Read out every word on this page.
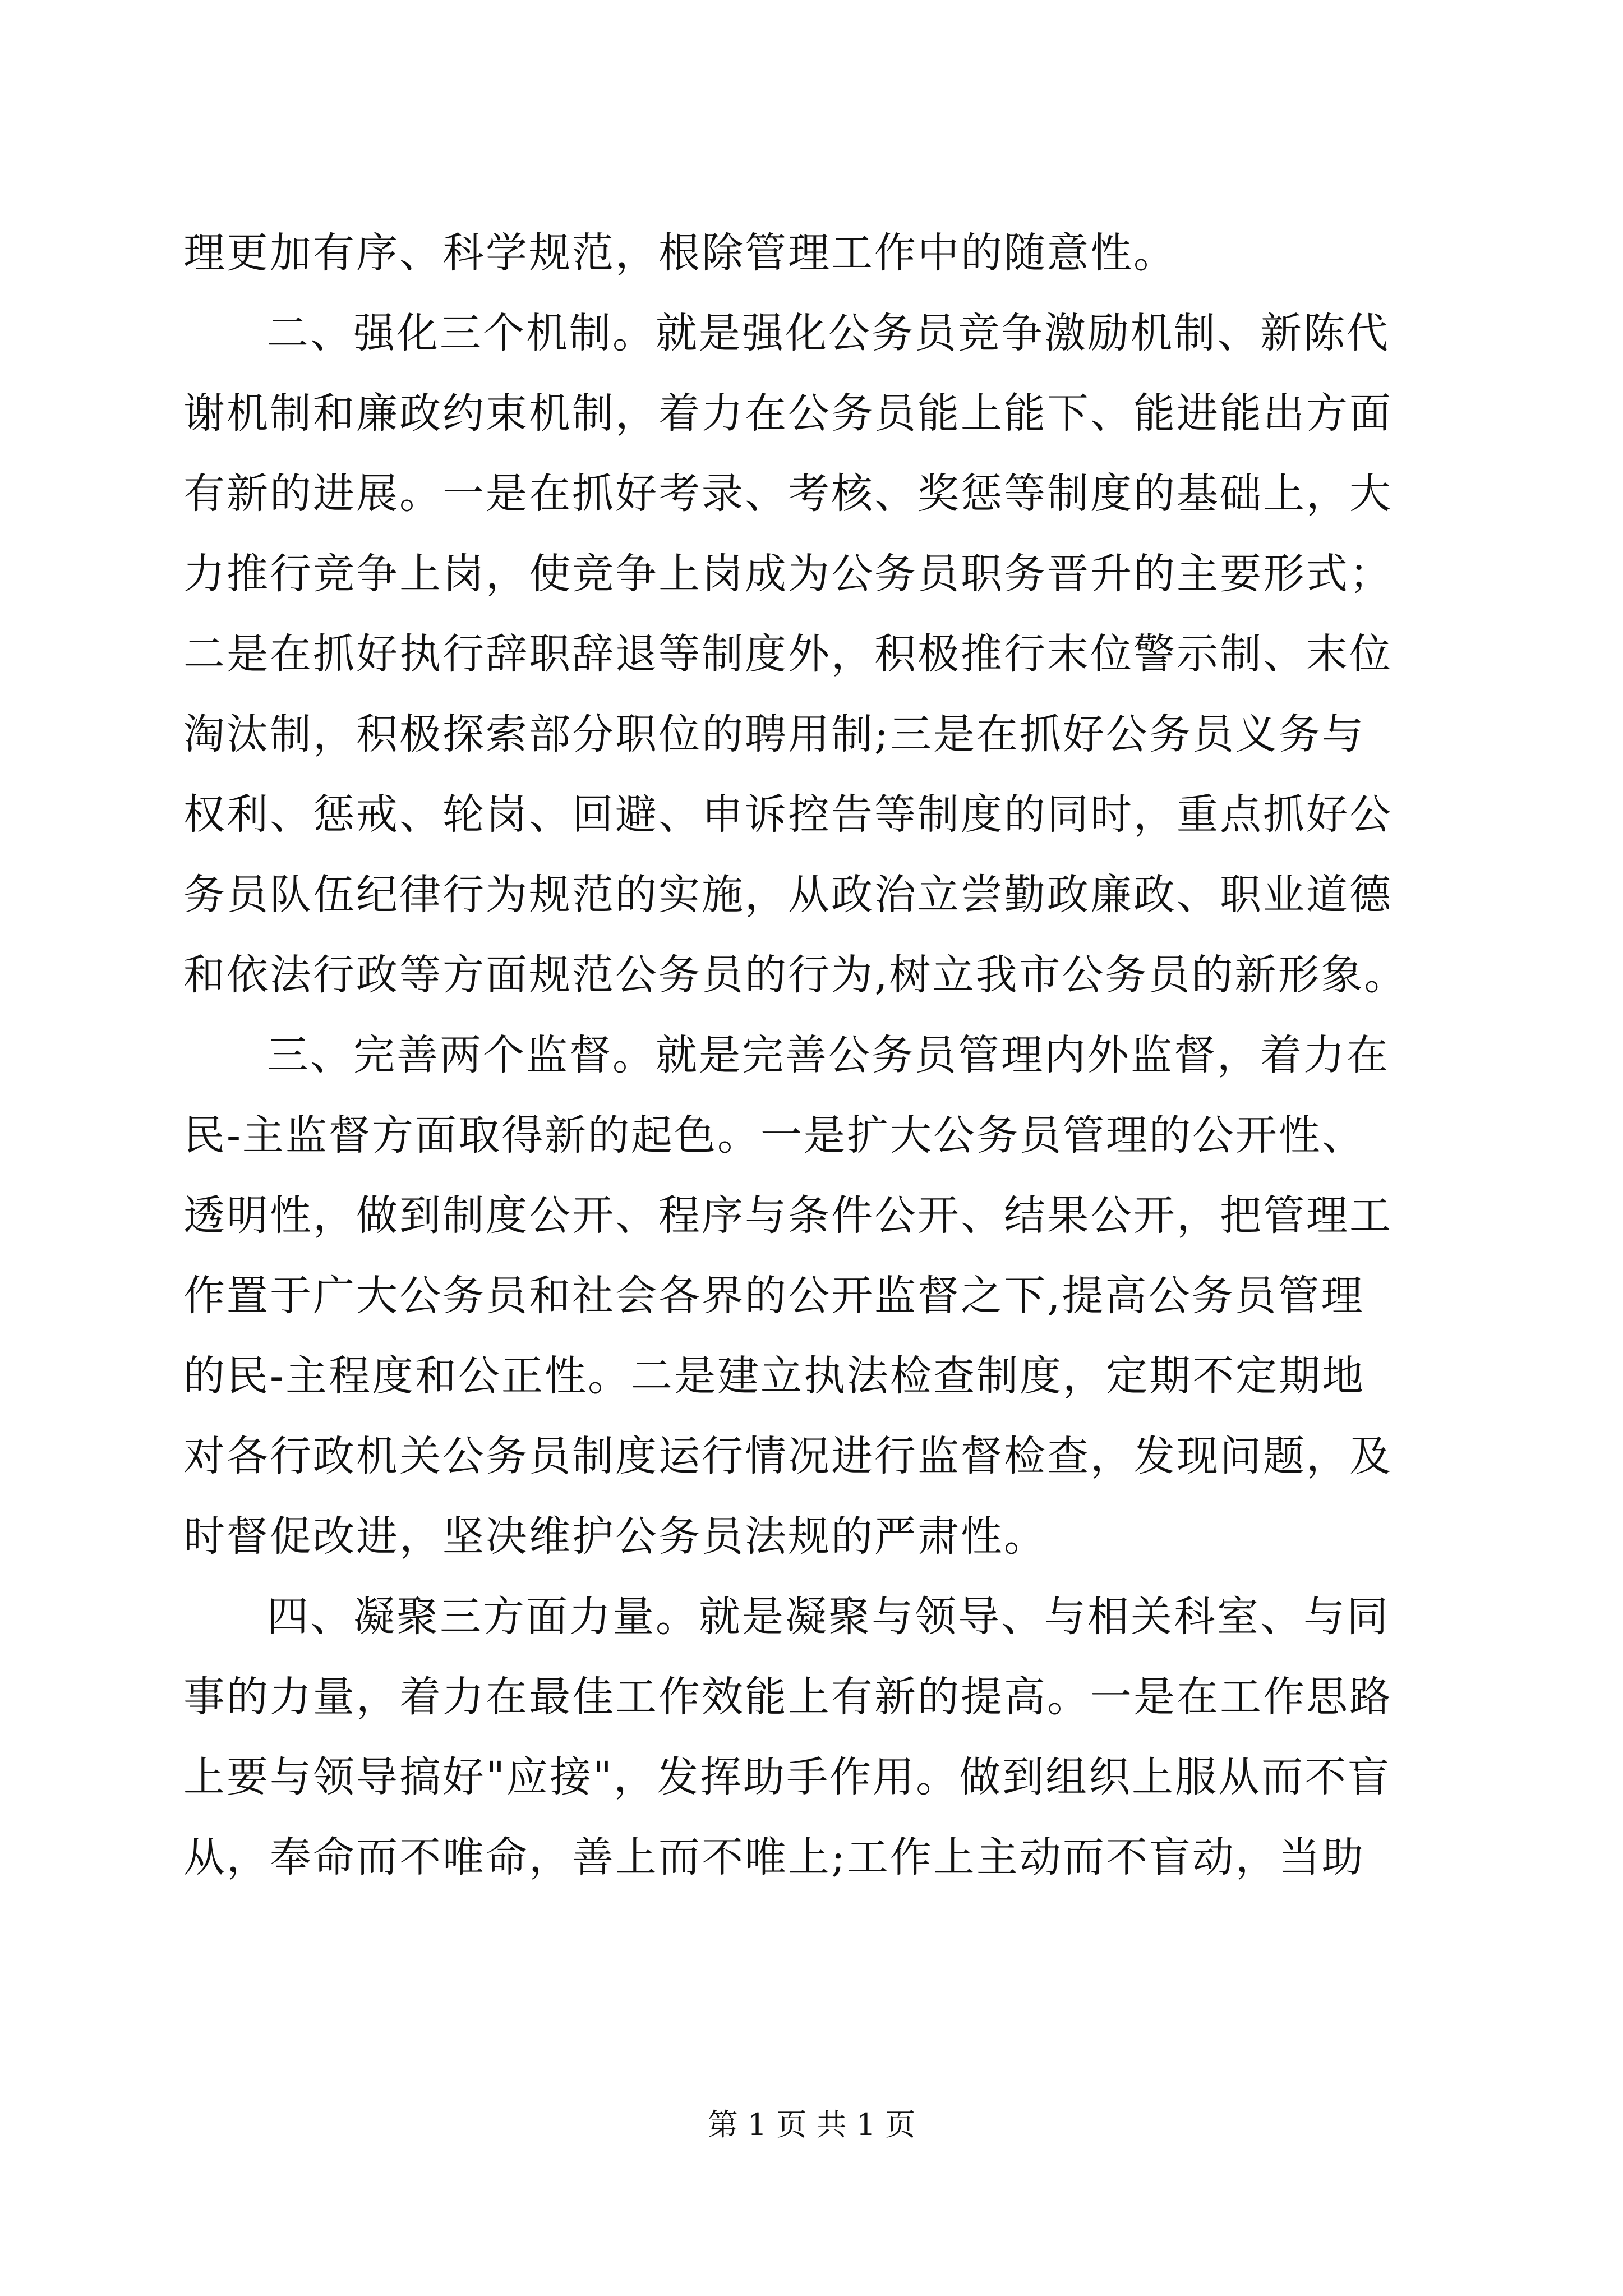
理更加有序、科学规范，根除管理工作中的随意性。
二、强化三个机制。就是强化公务员竞争激励机制、新陈代
谢机制和廉政约束机制，着力在公务员能上能下、能进能出方面
有新的进展。一是在抓好考录、考核、奖惩等制度的基础上，大
力推行竞争上岗，使竞争上岗成为公务员职务晋升的主要形式；
二是在抓好执行辞职辞退等制度外，积极推行末位警示制、末位
淘汰制，积极探索部分职位的聘用制;三是在抓好公务员义务与
权利、惩戒、轮岗、回避、申诉控告等制度的同时，重点抓好公
务员队伍纪律行为规范的实施，从政治立尝勤政廉政、职业道德
和依法行政等方面规范公务员的行为,树立我市公务员的新形象。
三、完善两个监督。就是完善公务员管理内外监督，着力在
民-主监督方面取得新的起色。一是扩大公务员管理的公开性、
透明性，做到制度公开、程序与条件公开、结果公开，把管理工
作置于广大公务员和社会各界的公开监督之下,提高公务员管理
的民-主程度和公正性。二是建立执法检查制度，定期不定期地
对各行政机关公务员制度运行情况进行监督检查，发现问题，及
时督促改进，坚决维护公务员法规的严肃性。
四、凝聚三方面力量。就是凝聚与领导、与相关科室、与同
事的力量，着力在最佳工作效能上有新的提高。一是在工作思路
上要与领导搞好"应接"，发挥助手作用。做到组织上服从而不盲
从，奉命而不唯命，善上而不唯上;工作上主动而不盲动，当助
第 1 页 共 1 页
